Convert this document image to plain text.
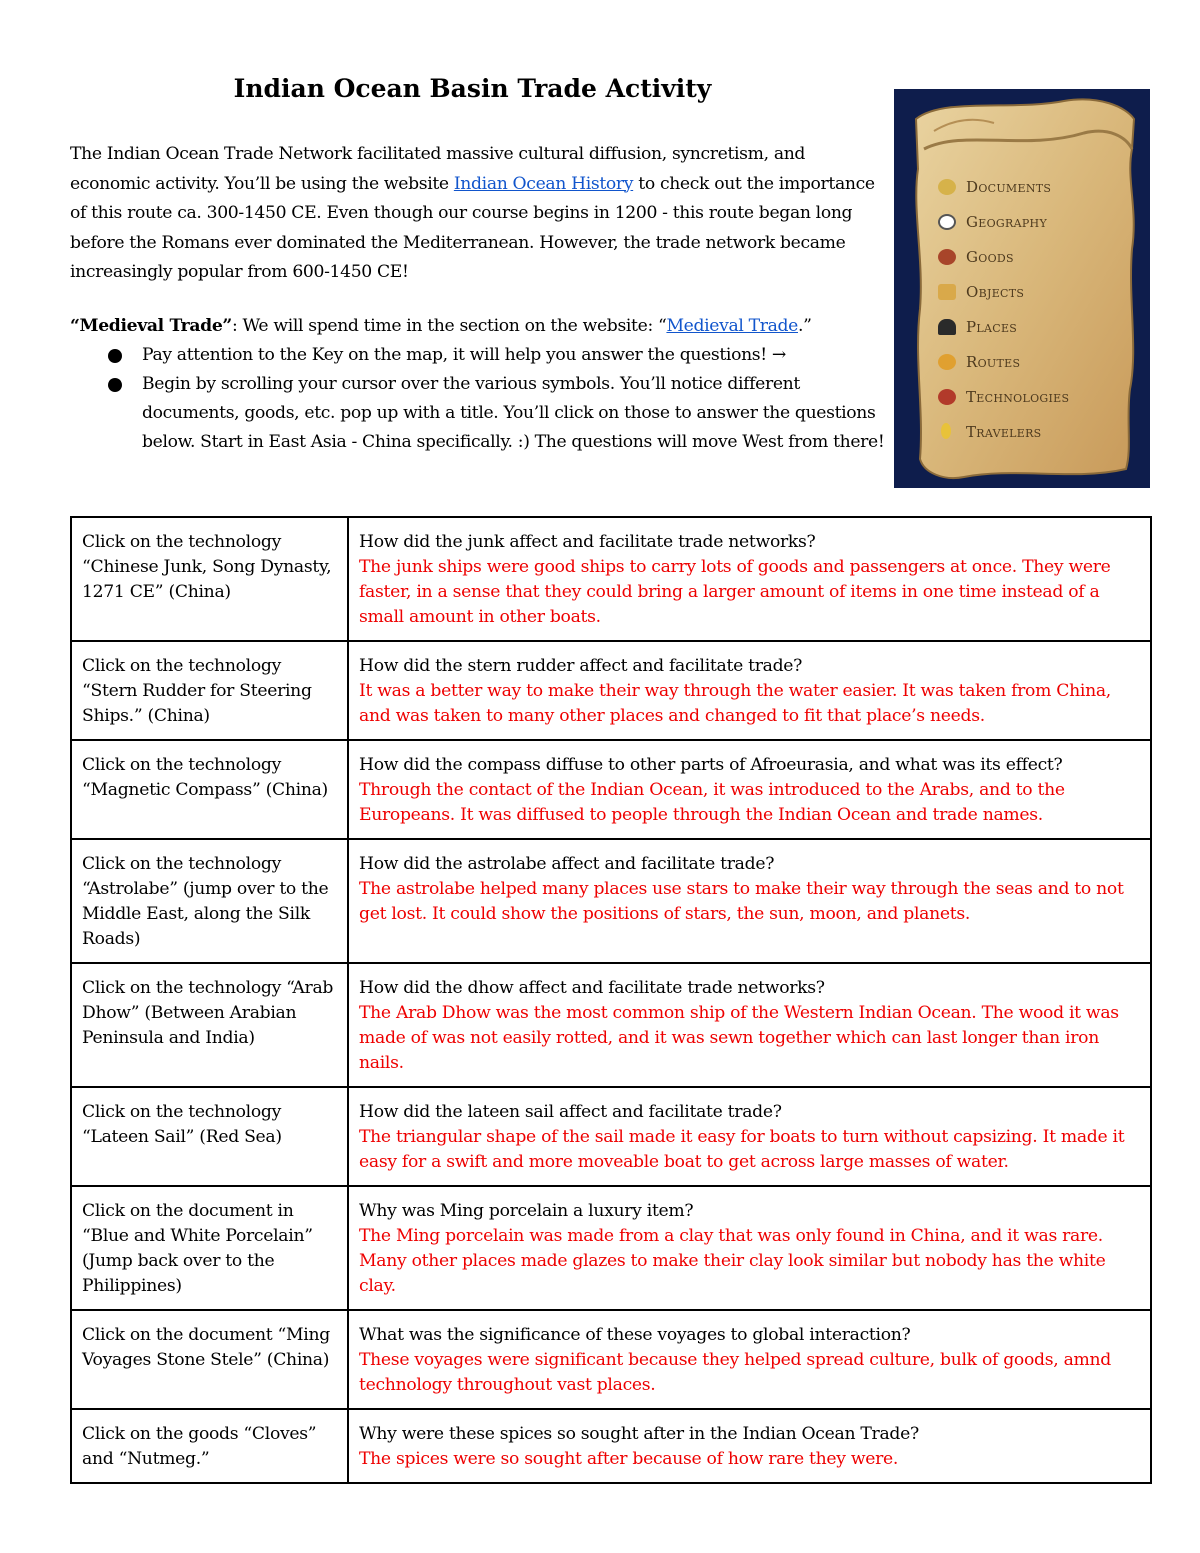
Indian Ocean Basin Trade Activity

The Indian Ocean Trade Network facilitated massive cultural diffusion, syncretism, and economic activity. You’ll be using the website Indian Ocean History to check out the importance of this route ca. 300-1450 CE. Even though our course begins in 1200 - this route began long before the Romans ever dominated the Mediterranean. However, the trade network became increasingly popular from 600-1450 CE!

“Medieval Trade”: We will spend time in the section on the website: “Medieval Trade.”

Pay attention to the Key on the map, it will help you answer the questions! →
Begin by scrolling your cursor over the various symbols. You’ll notice different documents, goods, etc. pop up with a title. You’ll click on those to answer the questions below. Start in East Asia - China specifically. :) The questions will move West from there!
Documents
Geography
Goods
Objects
Places
Routes
Technologies
Travelers
Click on the technology “Chinese Junk, Song Dynasty, 1271 CE” (China)	How did the junk affect and facilitate trade networks?
The junk ships were good ships to carry lots of goods and passengers at once. They were faster, in a sense that they could bring a larger amount of items in one time instead of a small amount in other boats.

Click on the technology “Stern Rudder for Steering Ships.” (China)	How did the stern rudder affect and facilitate trade?
It was a better way to make their way through the water easier. It was taken from China, and was taken to many other places and changed to fit that place’s needs.

Click on the technology “Magnetic Compass” (China)	How did the compass diffuse to other parts of Afroeurasia, and what was its effect?
Through the contact of the Indian Ocean, it was introduced to the Arabs, and to the Europeans. It was diffused to people through the Indian Ocean and trade names.

Click on the technology “Astrolabe” (jump over to the Middle East, along the Silk Roads)	How did the astrolabe affect and facilitate trade?
The astrolabe helped many places use stars to make their way through the seas and to not get lost. It could show the positions of stars, the sun, moon, and planets.

Click on the technology “Arab Dhow” (Between Arabian Peninsula and India)	How did the dhow affect and facilitate trade networks?
The Arab Dhow was the most common ship of the Western Indian Ocean. The wood it was made of was not easily rotted, and it was sewn together which can last longer than iron nails.

Click on the technology “Lateen Sail” (Red Sea)	How did the lateen sail affect and facilitate trade?
The triangular shape of the sail made it easy for boats to turn without capsizing. It made it easy for a swift and more moveable boat to get across large masses of water.

Click on the document in “Blue and White Porcelain” (Jump back over to the Philippines)	Why was Ming porcelain a luxury item?
The Ming porcelain was made from a clay that was only found in China, and it was rare. Many other places made glazes to make their clay look similar but nobody has the white clay.

Click on the document “Ming Voyages Stone Stele” (China)	What was the significance of these voyages to global interaction?
These voyages were significant because they helped spread culture, bulk of goods, amnd technology throughout vast places.

Click on the goods “Cloves” and “Nutmeg.”	Why were these spices so sought after in the Indian Ocean Trade?
The spices were so sought after because of how rare they were.
